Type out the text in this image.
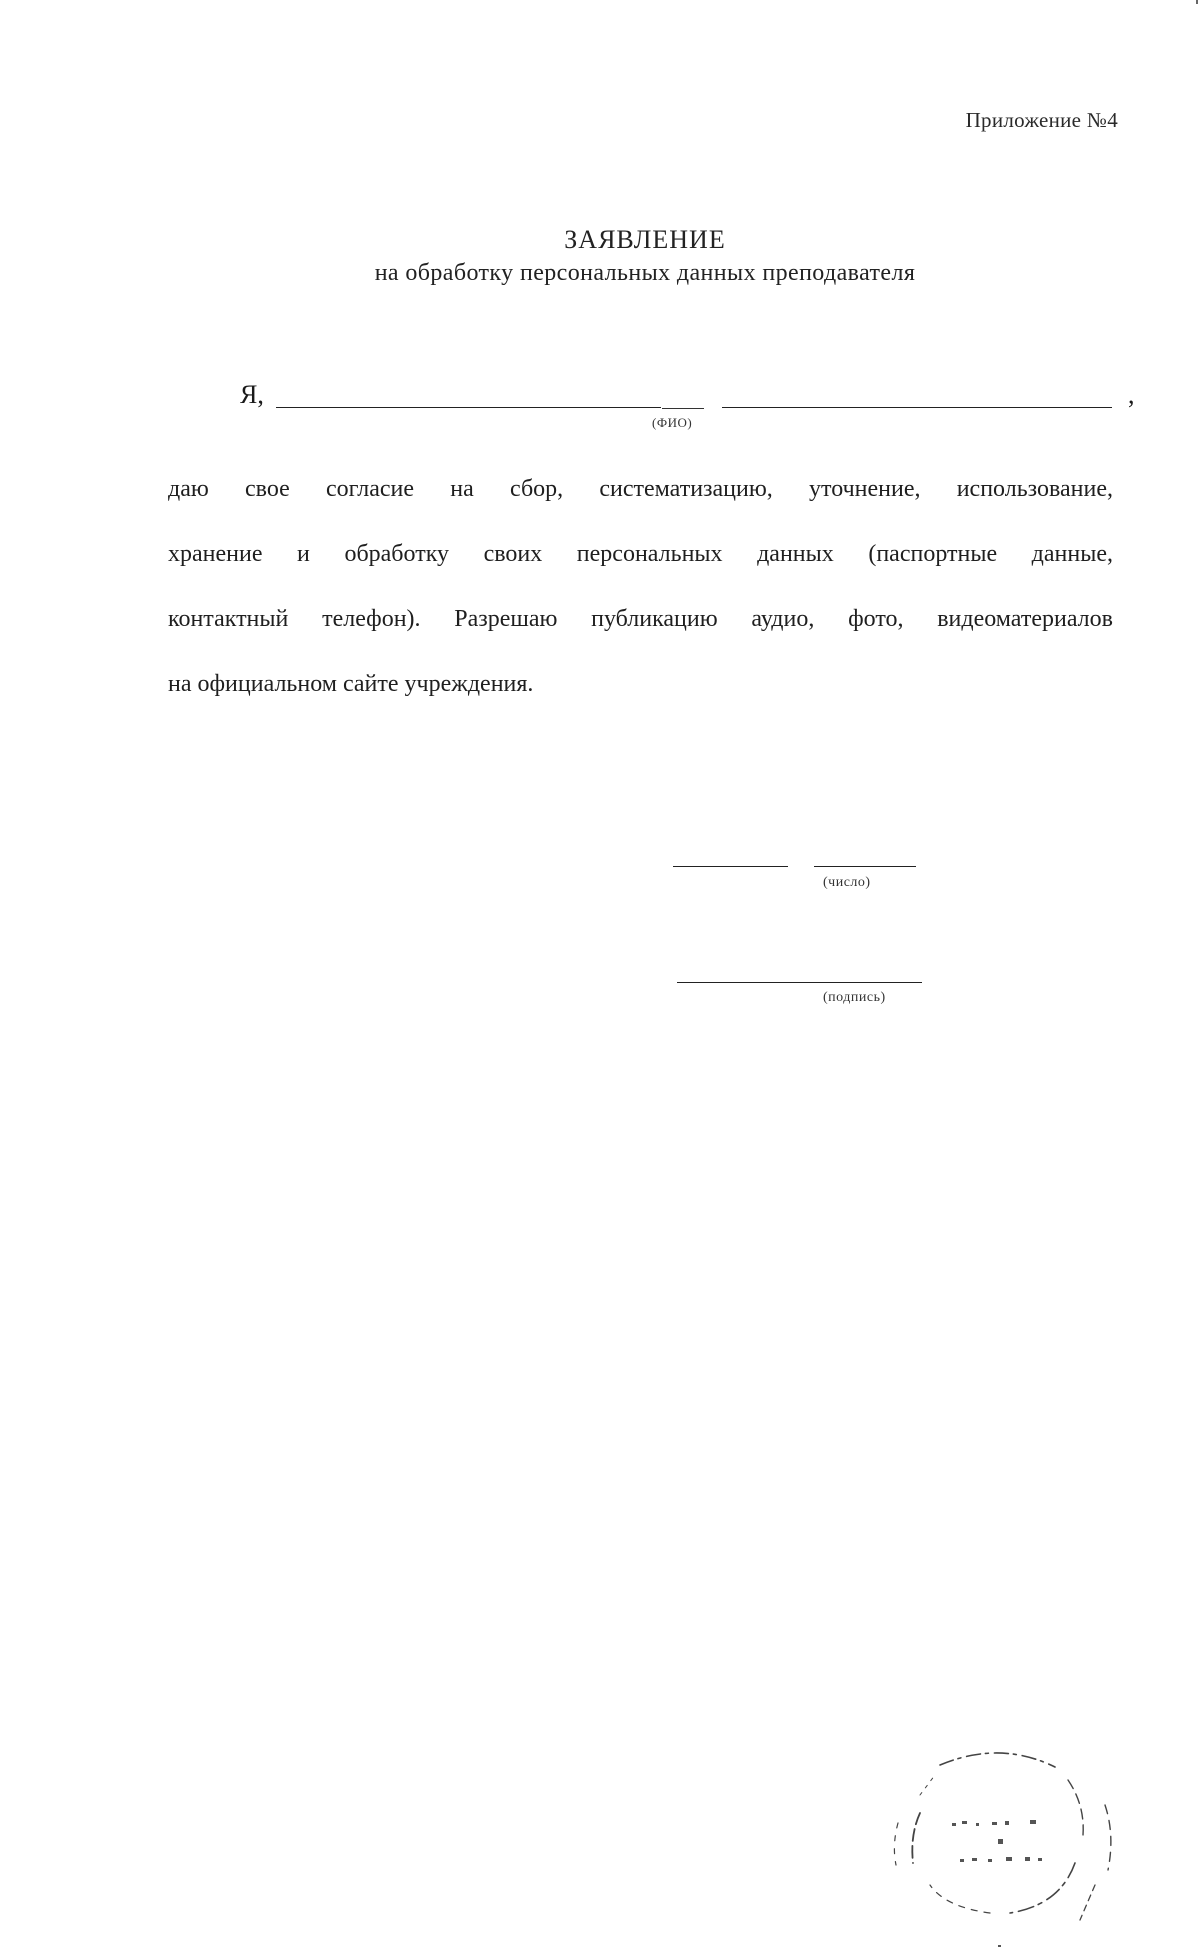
Приложение №4
ЗАЯВЛЕНИЕ
на обработку персональных данных преподавателя
Я,	,
(ФИО)
даю свое согласие на сбор, систематизацию, уточнение, использование,
хранение и обработку своих персональных данных (паспортные данные,
контактный телефон). Разрешаю публикацию аудио, фото, видеоматериалов
на официальном сайте учреждения.
(число)
(подпись)
